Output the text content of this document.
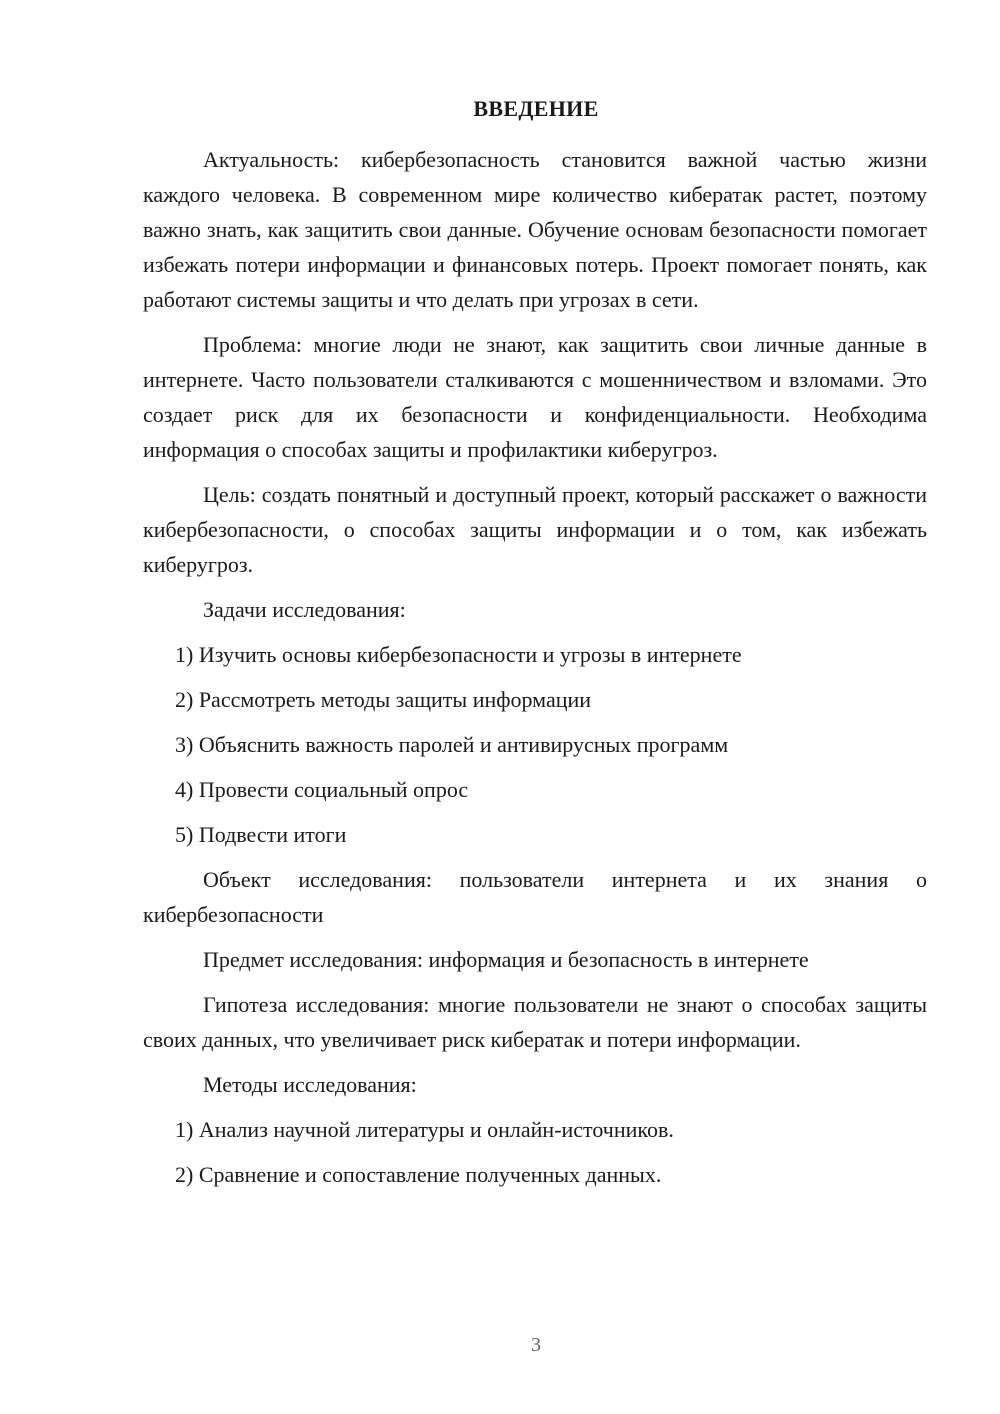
ВВЕДЕНИЕ

Актуальность: кибербезопасность становится важной частью жизни каждого человека. В современном мире количество кибератак растет, поэтому важно знать, как защитить свои данные. Обучение основам безопасности помогает избежать потери информации и финансовых потерь. Проект помогает понять, как работают системы защиты и что делать при угрозах в сети.

Проблема: многие люди не знают, как защитить свои личные данные в интернете. Часто пользователи сталкиваются с мошенничеством и взломами. Это создает риск для их безопасности и конфиденциальности. Необходима информация о способах защиты и профилактики киберугроз.

Цель: создать понятный и доступный проект, который расскажет о важности кибербезопасности, о способах защиты информации и о том, как избежать киберугроз.

Задачи исследования:

1) Изучить основы кибербезопасности и угрозы в интернете
2) Рассмотреть методы защиты информации
3) Объяснить важность паролей и антивирусных программ
4) Провести социальный опрос
5) Подвести итоги

Объект исследования: пользователи интернета и их знания о кибербезопасности

Предмет исследования: информация и безопасность в интернете

Гипотеза исследования: многие пользователи не знают о способах защиты своих данных, что увеличивает риск кибератак и потери информации.

Методы исследования:

1) Анализ научной литературы и онлайн-источников.
2) Сравнение и сопоставление полученных данных.
3
